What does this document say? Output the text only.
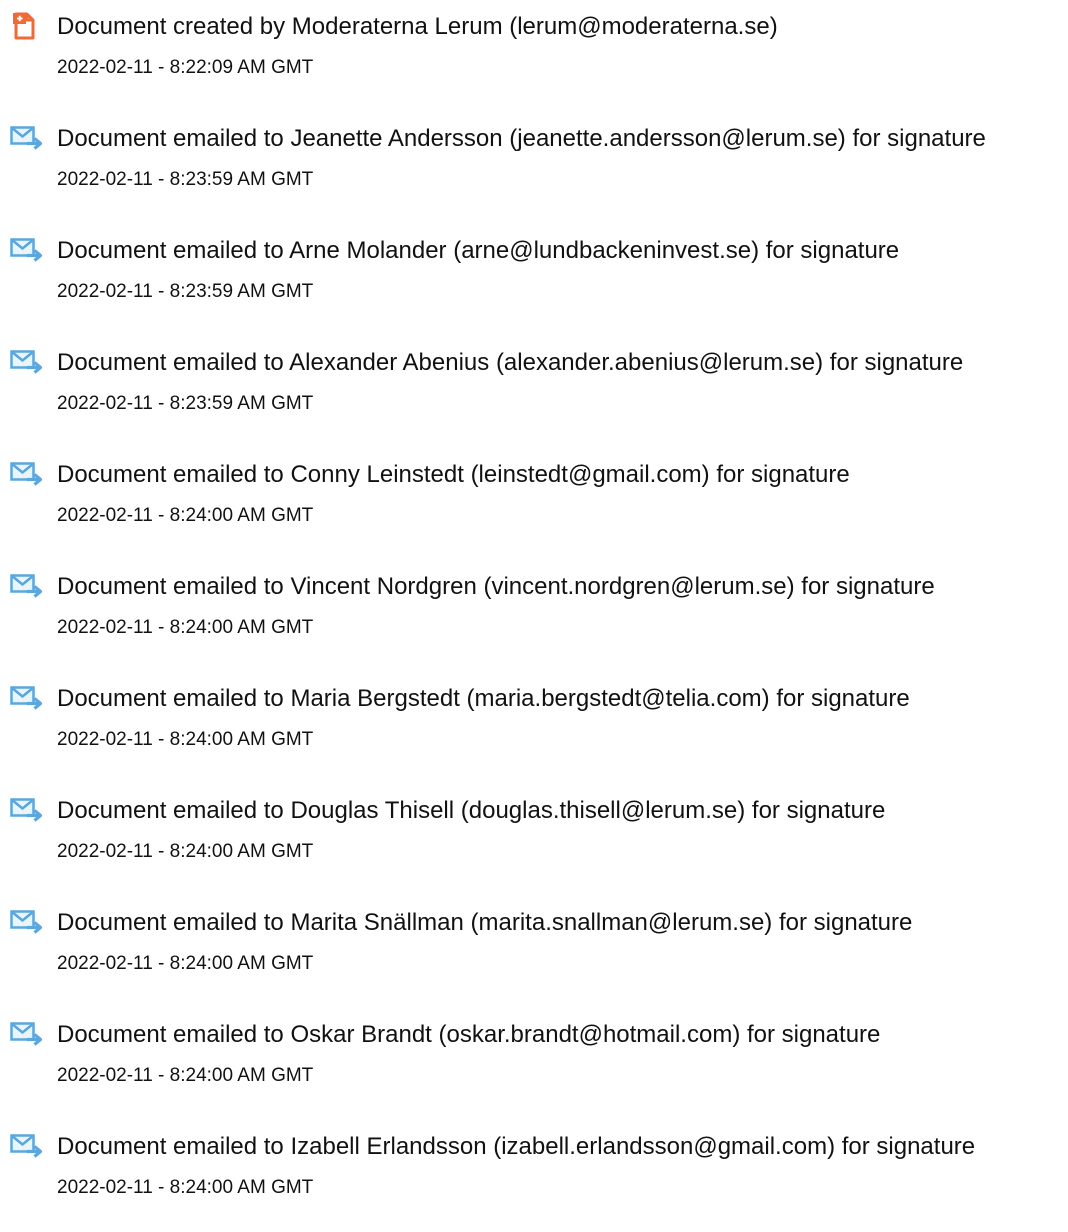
Document created by Moderaterna Lerum (lerum@moderaterna.se)
2022-02-11 - 8:22:09 AM GMT
Document emailed to Jeanette Andersson (jeanette.andersson@lerum.se) for signature
2022-02-11 - 8:23:59 AM GMT
Document emailed to Arne Molander (arne@lundbackeninvest.se) for signature
2022-02-11 - 8:23:59 AM GMT
Document emailed to Alexander Abenius (alexander.abenius@lerum.se) for signature
2022-02-11 - 8:23:59 AM GMT
Document emailed to Conny Leinstedt (leinstedt@gmail.com) for signature
2022-02-11 - 8:24:00 AM GMT
Document emailed to Vincent Nordgren (vincent.nordgren@lerum.se) for signature
2022-02-11 - 8:24:00 AM GMT
Document emailed to Maria Bergstedt (maria.bergstedt@telia.com) for signature
2022-02-11 - 8:24:00 AM GMT
Document emailed to Douglas Thisell (douglas.thisell@lerum.se) for signature
2022-02-11 - 8:24:00 AM GMT
Document emailed to Marita Snällman (marita.snallman@lerum.se) for signature
2022-02-11 - 8:24:00 AM GMT
Document emailed to Oskar Brandt (oskar.brandt@hotmail.com) for signature
2022-02-11 - 8:24:00 AM GMT
Document emailed to Izabell Erlandsson (izabell.erlandsson@gmail.com) for signature
2022-02-11 - 8:24:00 AM GMT
